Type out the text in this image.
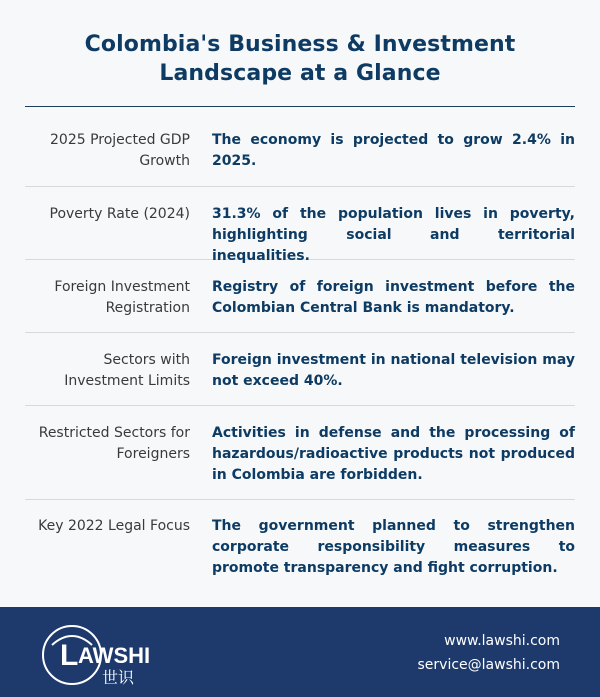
Colombia's Business & Investment Landscape at a Glance
2025 Projected GDP Growth
The economy is projected to grow 2.4% in 2025.
Poverty Rate (2024) 31.3% of the population lives in poverty, highlighting social and territorial inequalities.
Foreign Investment Registration
Registry of foreign investment before the Colombian Central Bank is mandatory.
Sectors with Investment Limits
Foreign investment in national television may not exceed 40%.
Restricted Sectors for Foreigners
Activities in defense and the processing of hazardous/radioactive products not produced in Colombia are forbidden.
Key 2022 Legal Focus The government planned to strengthen corporate responsibility measures to promote transparency and fight corruption.
L AWSHI
世识
www.lawshi.com
service@lawshi.com
